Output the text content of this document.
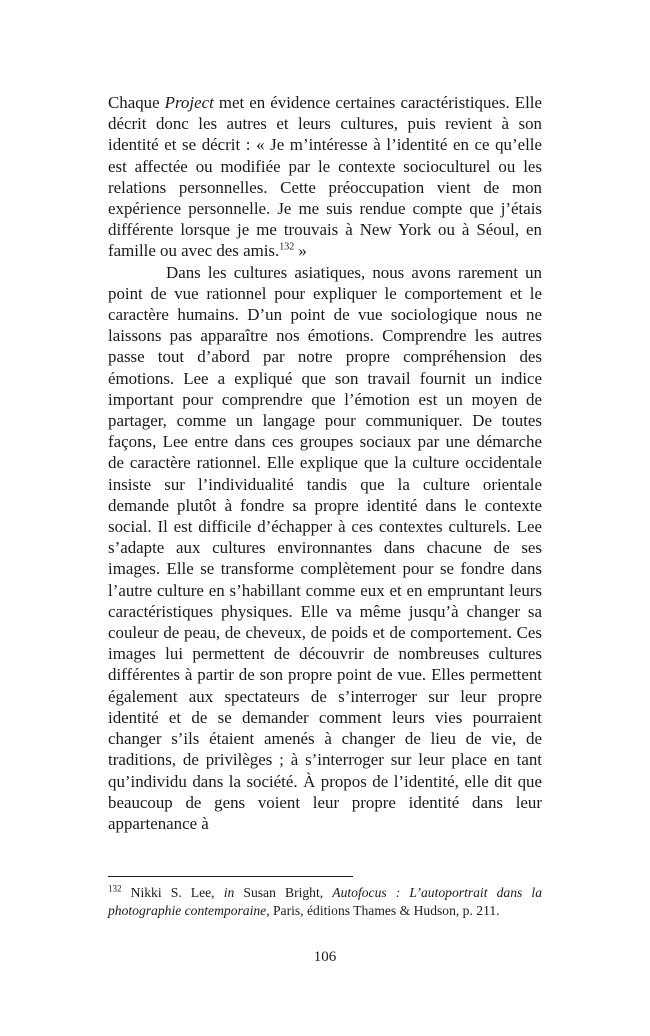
Chaque Project met en évidence certaines caractéristiques. Elle décrit donc les autres et leurs cultures, puis revient à son identité et se décrit : « Je m’intéresse à l’identité en ce qu’elle est affectée ou modifiée par le contexte socioculturel ou les relations personnelles. Cette préoccupation vient de mon expérience personnelle. Je me suis rendue compte que j’étais différente lorsque je me trouvais à New York ou à Séoul, en famille ou avec des amis.$^{132}$ »

Dans les cultures asiatiques, nous avons rarement un point de vue rationnel pour expliquer le comportement et le caractère humains. D’un point de vue sociologique nous ne laissons pas apparaître nos émotions. Comprendre les autres passe tout d’abord par notre propre compréhension des émotions. Lee a expliqué que son travail fournit un indice important pour comprendre que l’émotion est un moyen de partager, comme un langage pour communiquer. De toutes façons, Lee entre dans ces groupes sociaux par une démarche de caractère rationnel. Elle explique que la culture occidentale insiste sur l’individualité tandis que la culture orientale demande plutôt à fondre sa propre identité dans le contexte social. Il est difficile d’échapper à ces contextes culturels. Lee s’adapte aux cultures environnantes dans chacune de ses images. Elle se transforme complètement pour se fondre dans l’autre culture en s’habillant comme eux et en empruntant leurs caractéristiques physiques. Elle va même jusqu’à changer sa couleur de peau, de cheveux, de poids et de comportement. Ces images lui permettent de découvrir de nombreuses cultures différentes à partir de son propre point de vue. Elles permettent également aux spectateurs de s’interroger sur leur propre identité et de se demander comment leurs vies pourraient changer s’ils étaient amenés à changer de lieu de vie, de traditions, de privilèges ; à s’interroger sur leur place en tant qu’individu dans la société. À propos de l’identité, elle dit que beaucoup de gens voient leur propre identité dans leur appartenance à

$^{132}$ Nikki S. Lee, in Susan Bright, Autofocus : L’autoportrait dans la photographie contemporaine, Paris, éditions Thames & Hudson, p. 211.
106
